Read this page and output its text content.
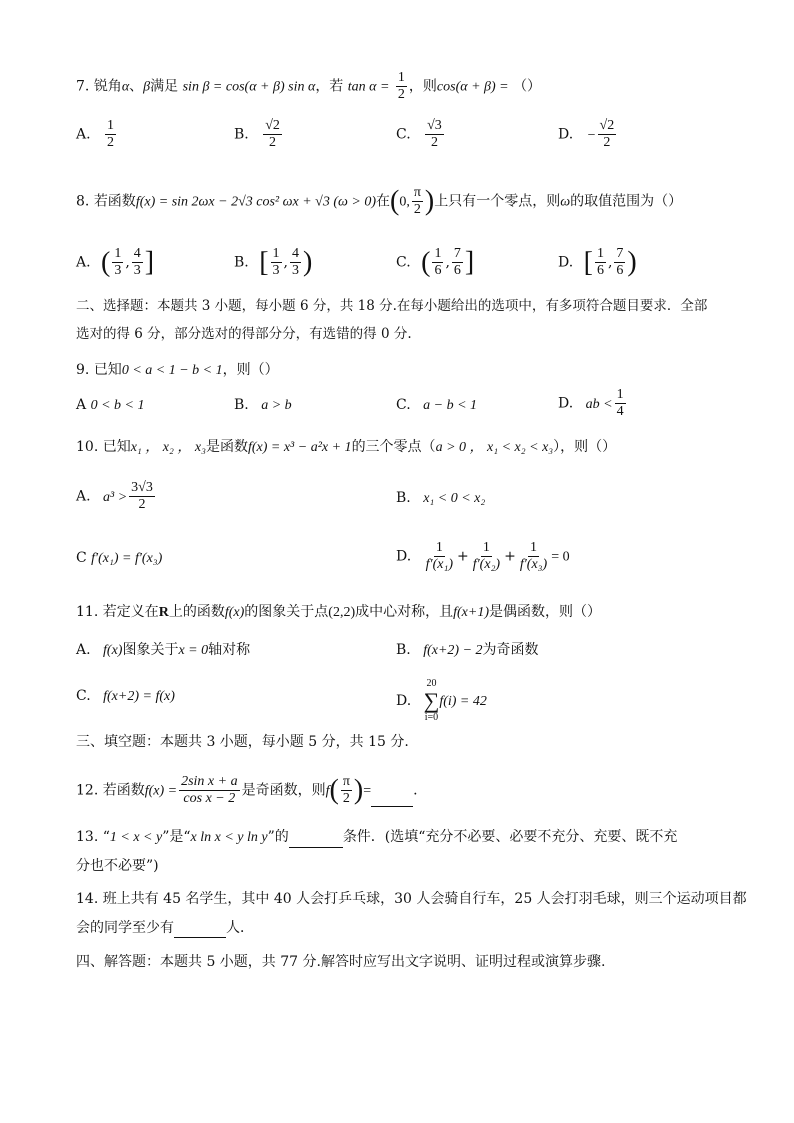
7. 锐角α、β满足 sin β = cos(α + β) sin α，若 $\tan \alpha = \frac{1}{2}$ ，则cos(α + β) = （）
A. $\frac{1}{2}$	B. $\frac{√2}{2}$	C. $\frac{√3}{2}$	D. − $\frac{√2}{2}$
8. 若函数f(x) = sin 2ωx − 2√3 cos² ωx + √3 (ω > 0)在(0, $\frac{\pi}{2}$ )上只有一个零点，则ω的取值范围为（）
A. ( $\frac{1}{3}$ , $\frac{4}{3}$ ]	B. [ $\frac{1}{3}$ , $\frac{4}{3}$ )	C. ( $\frac{1}{6}$ , $\frac{7}{6}$ ]	D. [ $\frac{1}{6}$ , $\frac{7}{6}$ )
二、选择题：本题共 3 小题，每小题 6 分，共 18 分.在每小题给出的选项中，有多项符合题目要求．全部
选对的得 6 分，部分选对的得部分分，有选错的得 0 分.
9. 已知0 < a < 1 − b < 1，则（）
A 0 < b < 1	B. a > b	C. a − b < 1	D. ab < $\frac{1}{4}$
10. 已知x₁ ， x₂ ， x₃是函数f(x) = x³ − a²x + 1的三个零点（a > 0 ， x₁ < x₂ < x₃），则（）
A. $a^3 > \frac{3√3}{2}$	B. x₁ < 0 < x₂
C f′(x₁) = f′(x₃)	D. $\frac{1}{\text{f′(x₁)}} + \frac{1}{\text{f′(x₂)}} + \frac{1}{\text{f′(x₃)}} = 0$
11. 若定义在R上的函数f(x)的图象关于点(2,2)成中心对称，且f(x+1)是偶函数，则（）
A. f(x)图象关于x = 0轴对称	B. f(x+2) − 2为奇函数
C. f(x+2) = f(x)	D.
20
∑
i=0
f(i) = 42
三、填空题：本题共 3 小题，每小题 5 分，共 15 分.
12. 若函数$f(x) = \frac{\text{2sin x + a}}{\text{cos x − 2}}$ 是奇函数，则$f( \frac{\pi}{2}$ )=	.
13. “1 < x < y”是“x ln x < y ln y”的	条件．(选填“充分不必要、必要不充分、充要、既不充
分也不必要”)
14. 班上共有 45 名学生，其中 40 人会打乒乓球，30 人会骑自行车，25 人会打羽毛球，则三个运动项目都
会的同学至少有	人．
四、解答题：本题共 5 小题，共 77 分.解答时应写出文字说明、证明过程或演算步骤.
